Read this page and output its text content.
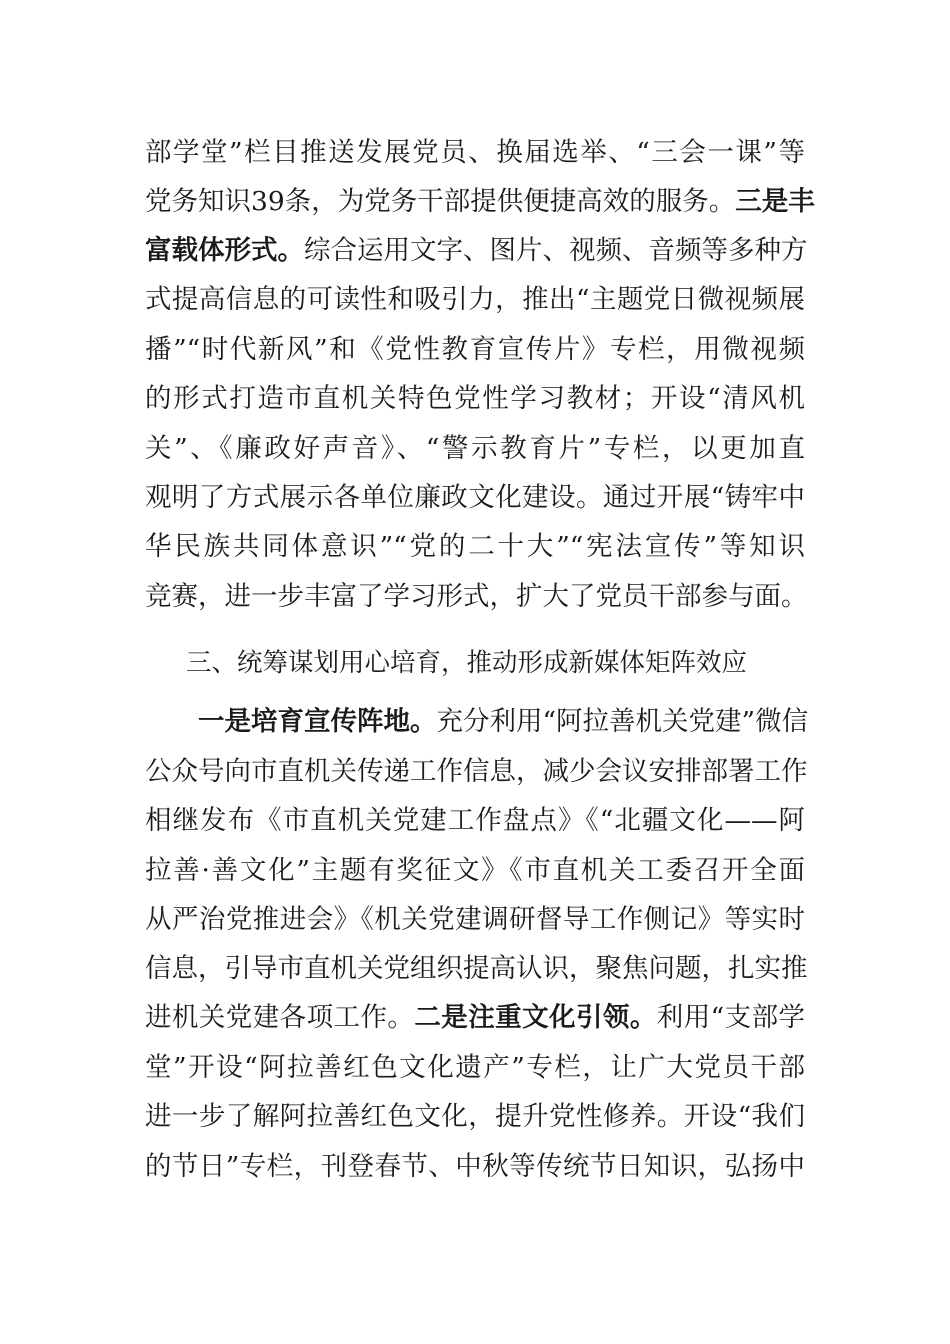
部学堂”栏目推送发展党员、换届选举、“三会一课”等
党务知识39条，为党务干部提供便捷高效的服务。三是丰
富载体形式。综合运用文字、图片、视频、音频等多种方
式提高信息的可读性和吸引力，推出“主题党日微视频展
播”“时代新风”和《党性教育宣传片》专栏，用微视频
的形式打造市直机关特色党性学习教材；开设“清风机
关”、《廉政好声音》、“警示教育片”专栏，以更加直
观明了方式展示各单位廉政文化建设。通过开展“铸牢中
华民族共同体意识”“党的二十大”“宪法宣传”等知识
竞赛，进一步丰富了学习形式，扩大了党员干部参与面。
三、统筹谋划用心培育，推动形成新媒体矩阵效应
一是培育宣传阵地。充分利用“阿拉善机关党建”微信
公众号向市直机关传递工作信息，减少会议安排部署工作
相继发布《市直机关党建工作盘点》《“北疆文化——阿
拉善·善文化”主题有奖征文》《市直机关工委召开全面
从严治党推进会》《机关党建调研督导工作侧记》等实时
信息，引导市直机关党组织提高认识，聚焦问题，扎实推
进机关党建各项工作。二是注重文化引领。利用“支部学
堂”开设“阿拉善红色文化遗产”专栏，让广大党员干部
进一步了解阿拉善红色文化，提升党性修养。开设“我们
的节日”专栏，刊登春节、中秋等传统节日知识，弘扬中
